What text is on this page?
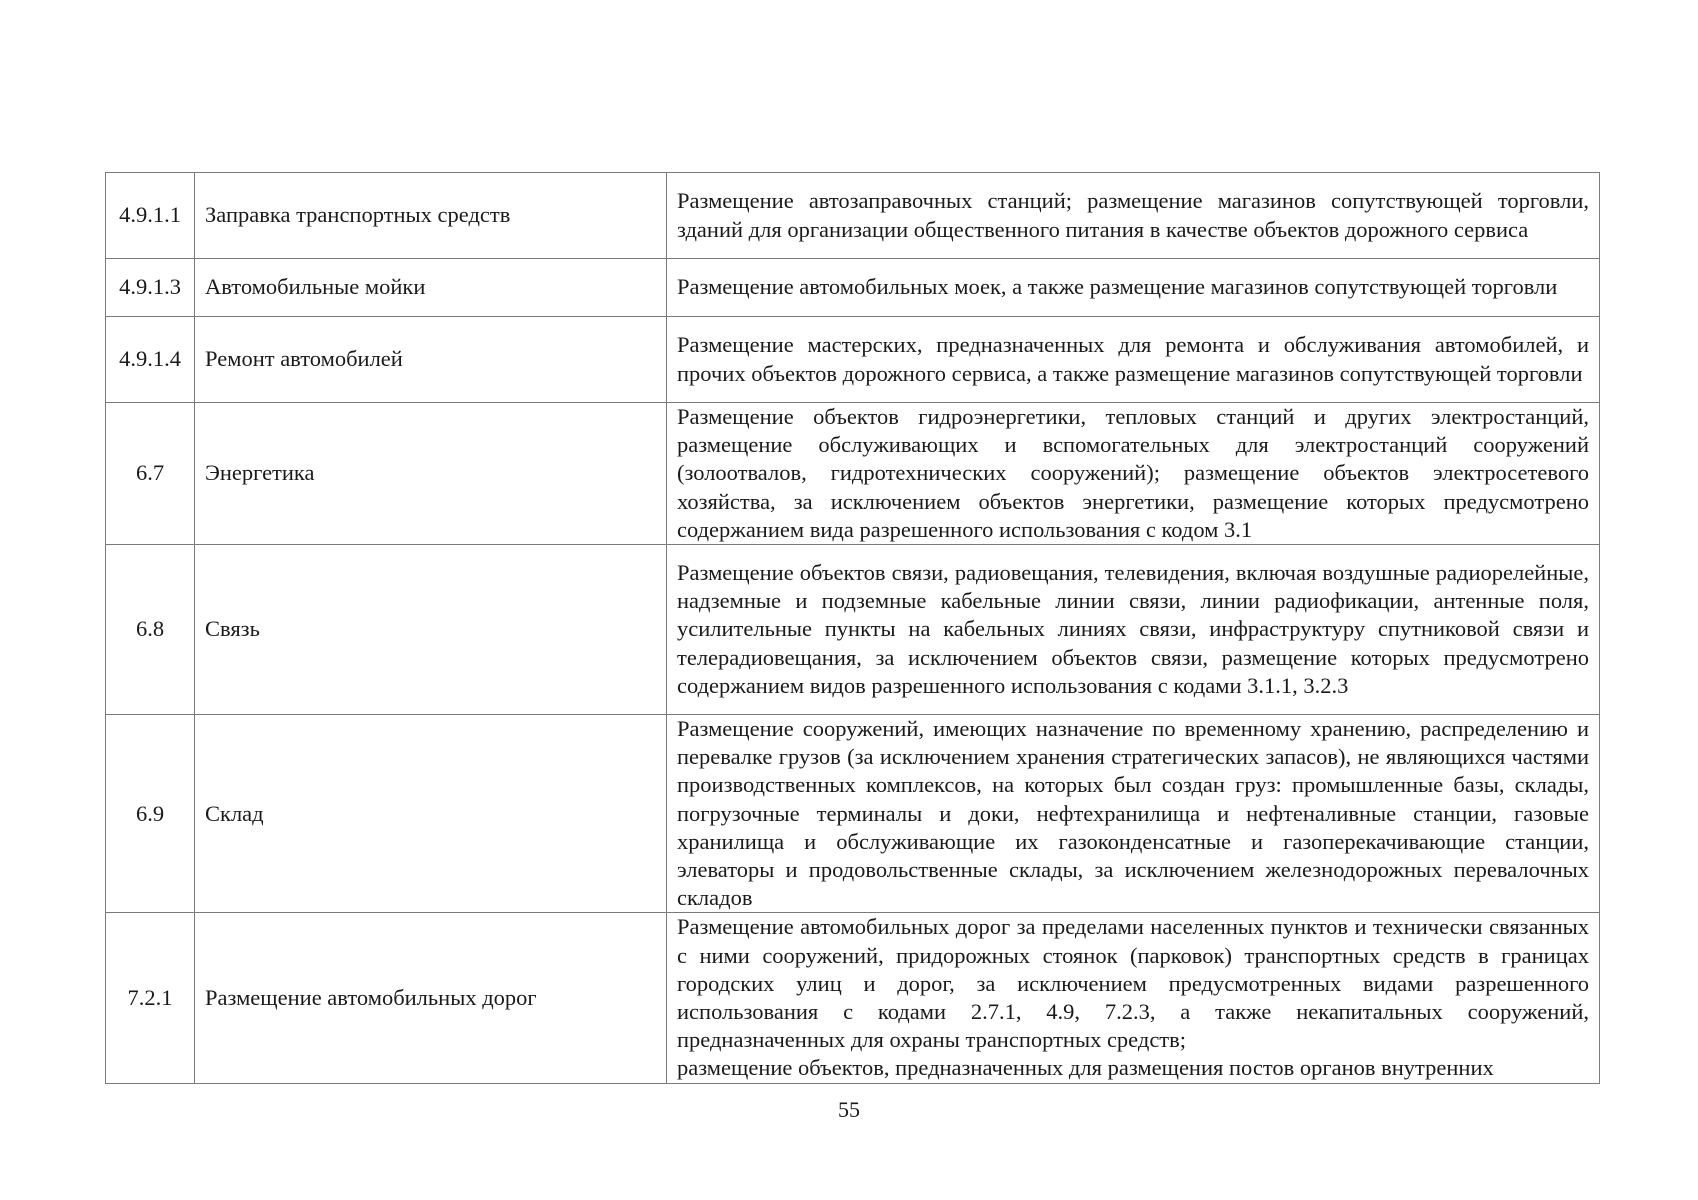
4.9.1.1	Заправка транспортных средств	Размещение автозаправочных станций; размещение магазинов сопутствующей торговли, зданий для организации общественного питания в качестве объектов дорожного сервиса
4.9.1.3	Автомобильные мойки	Размещение автомобильных моек, а также размещение магазинов сопутствующей торговли
4.9.1.4	Ремонт автомобилей	Размещение мастерских, предназначенных для ремонта и обслуживания автомобилей, и прочих объектов дорожного сервиса, а также размещение магазинов сопутствующей торговли
6.7	Энергетика	Размещение объектов гидроэнергетики, тепловых станций и других электростанций, размещение обслуживающих и вспомогательных для электростанций сооружений (золоотвалов, гидротехнических сооружений); размещение объектов электросетевого хозяйства, за исключением объектов энергетики, размещение которых предусмотрено содержанием вида разрешенного использования с кодом 3.1
6.8	Связь	Размещение объектов связи, радиовещания, телевидения, включая воздушные радиорелейные, надземные и подземные кабельные линии связи, линии радиофикации, антенные поля, усилительные пункты на кабельных линиях связи, инфраструктуру спутниковой связи и телерадиовещания, за исключением объектов связи, размещение которых предусмотрено содержанием видов разрешенного использования с кодами 3.1.1, 3.2.3
6.9	Склад	Размещение сооружений, имеющих назначение по временному хранению, распределению и перевалке грузов (за исключением хранения стратегических запасов), не являющихся частями производственных комплексов, на которых был создан груз: промышленные базы, склады, погрузочные терминалы и доки, нефтехранилища и нефтеналивные станции, газовые хранилища и обслуживающие их газоконденсатные и газоперекачивающие станции, элеваторы и продовольственные склады, за исключением железнодорожных перевалочных складов
7.2.1	Размещение автомобильных дорог	Размещение автомобильных дорог за пределами населенных пунктов и технически связанных с ними сооружений, придорожных стоянок (парковок) транспортных средств в границах городских улиц и дорог, за исключением предусмотренных видами разрешенного использования с кодами 2.7.1, 4.9, 7.2.3, а также некапитальных сооружений, предназначенных для охраны транспортных средств;
размещение объектов, предназначенных для размещения постов органов внутренних
55
